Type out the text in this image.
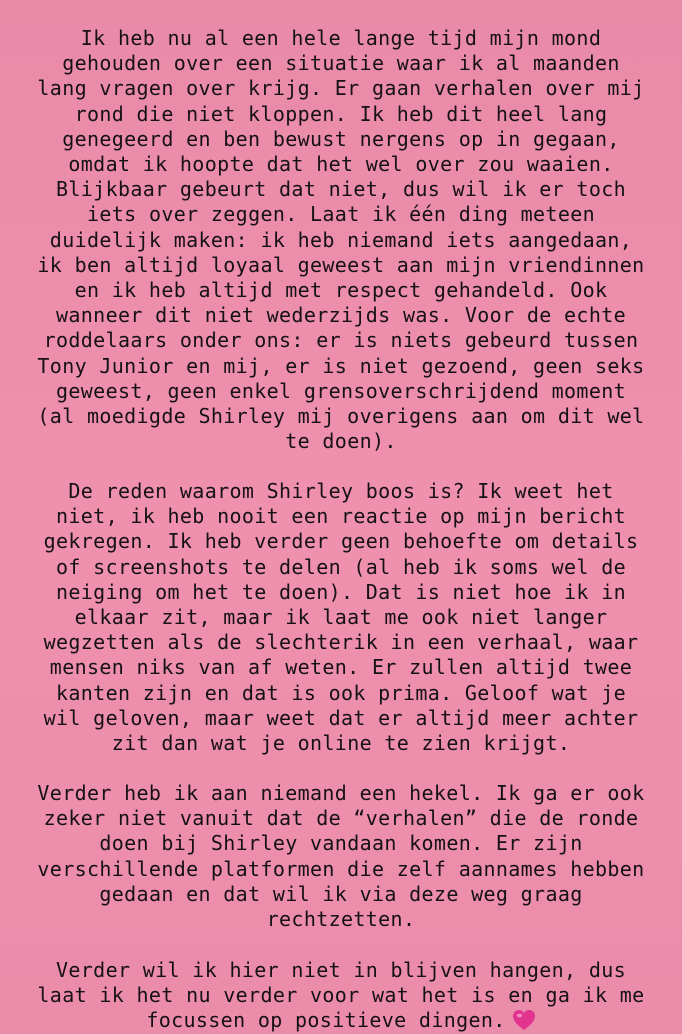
Ik heb nu al een hele lange tijd mijn mond
gehouden over een situatie waar ik al maanden
lang vragen over krijg. Er gaan verhalen over mij
rond die niet kloppen. Ik heb dit heel lang
genegeerd en ben bewust nergens op in gegaan,
omdat ik hoopte dat het wel over zou waaien.
Blijkbaar gebeurt dat niet, dus wil ik er toch
iets over zeggen. Laat ik één ding meteen
duidelijk maken: ik heb niemand iets aangedaan,
ik ben altijd loyaal geweest aan mijn vriendinnen
en ik heb altijd met respect gehandeld. Ook
wanneer dit niet wederzijds was. Voor de echte
roddelaars onder ons: er is niets gebeurd tussen
Tony Junior en mij, er is niet gezoend, geen seks
geweest, geen enkel grensoverschrijdend moment
(al moedigde Shirley mij overigens aan om dit wel
te doen).

De reden waarom Shirley boos is? Ik weet het
niet, ik heb nooit een reactie op mijn bericht
gekregen. Ik heb verder geen behoefte om details
of screenshots te delen (al heb ik soms wel de
neiging om het te doen). Dat is niet hoe ik in
elkaar zit, maar ik laat me ook niet langer
wegzetten als de slechterik in een verhaal, waar
mensen niks van af weten. Er zullen altijd twee
kanten zijn en dat is ook prima. Geloof wat je
wil geloven, maar weet dat er altijd meer achter
zit dan wat je online te zien krijgt.

Verder heb ik aan niemand een hekel. Ik ga er ook
zeker niet vanuit dat de “verhalen” die de ronde
doen bij Shirley vandaan komen. Er zijn
verschillende platformen die zelf aannames hebben
gedaan en dat wil ik via deze weg graag
rechtzetten.

Verder wil ik hier niet in blijven hangen, dus
laat ik het nu verder voor wat het is en ga ik me
focussen op positieve dingen.
